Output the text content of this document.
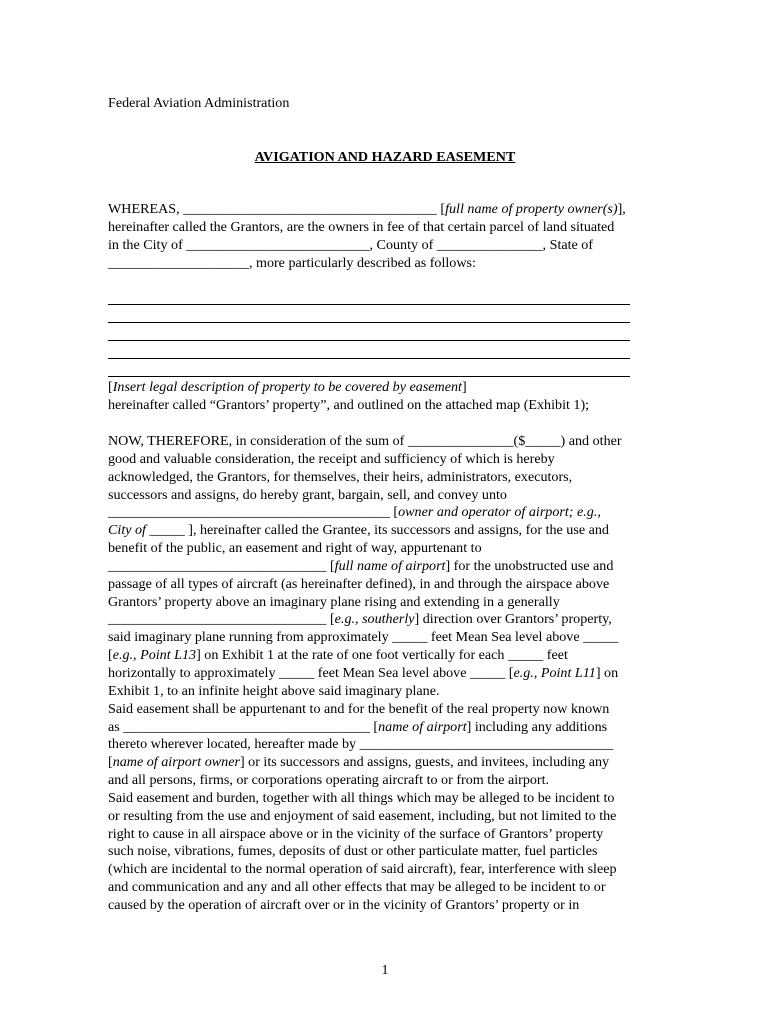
Federal Aviation Administration
AVIGATION AND HAZARD EASEMENT
WHEREAS, ____________________________________ [full name of property owner(s)],
hereinafter called the Grantors, are the owners in fee of that certain parcel of land situated
in the City of __________________________, County of _______________, State of
____________________, more particularly described as follows:
[Insert legal description of property to be covered by easement]
hereinafter called “Grantors’ property”, and outlined on the attached map (Exhibit 1);
NOW, THEREFORE, in consideration of the sum of _______________($_____) and other
good and valuable consideration, the receipt and sufficiency of which is hereby
acknowledged, the Grantors, for themselves, their heirs, administrators, executors,
successors and assigns, do hereby grant, bargain, sell, and convey unto
________________________________________ [owner and operator of airport; e.g.,
City of _____ ], hereinafter called the Grantee, its successors and assigns, for the use and
benefit of the public, an easement and right of way, appurtenant to
_______________________________ [full name of airport] for the unobstructed use and
passage of all types of aircraft (as hereinafter defined), in and through the airspace above
Grantors’ property above an imaginary plane rising and extending in a generally
_______________________________ [e.g., southerly] direction over Grantors’ property,
said imaginary plane running from approximately _____ feet Mean Sea level above _____
[e.g., Point L13] on Exhibit 1 at the rate of one foot vertically for each _____ feet
horizontally to approximately _____ feet Mean Sea level above _____ [e.g., Point L11] on
Exhibit 1, to an infinite height above said imaginary plane.
Said easement shall be appurtenant to and for the benefit of the real property now known
as ___________________________________ [name of airport] including any additions
thereto wherever located, hereafter made by ____________________________________
[name of airport owner] or its successors and assigns, guests, and invitees, including any
and all persons, firms, or corporations operating aircraft to or from the airport.
Said easement and burden, together with all things which may be alleged to be incident to
or resulting from the use and enjoyment of said easement, including, but not limited to the
right to cause in all airspace above or in the vicinity of the surface of Grantors’ property
such noise, vibrations, fumes, deposits of dust or other particulate matter, fuel particles
(which are incidental to the normal operation of said aircraft), fear, interference with sleep
and communication and any and all other effects that may be alleged to be incident to or
caused by the operation of aircraft over or in the vicinity of Grantors’ property or in
1
